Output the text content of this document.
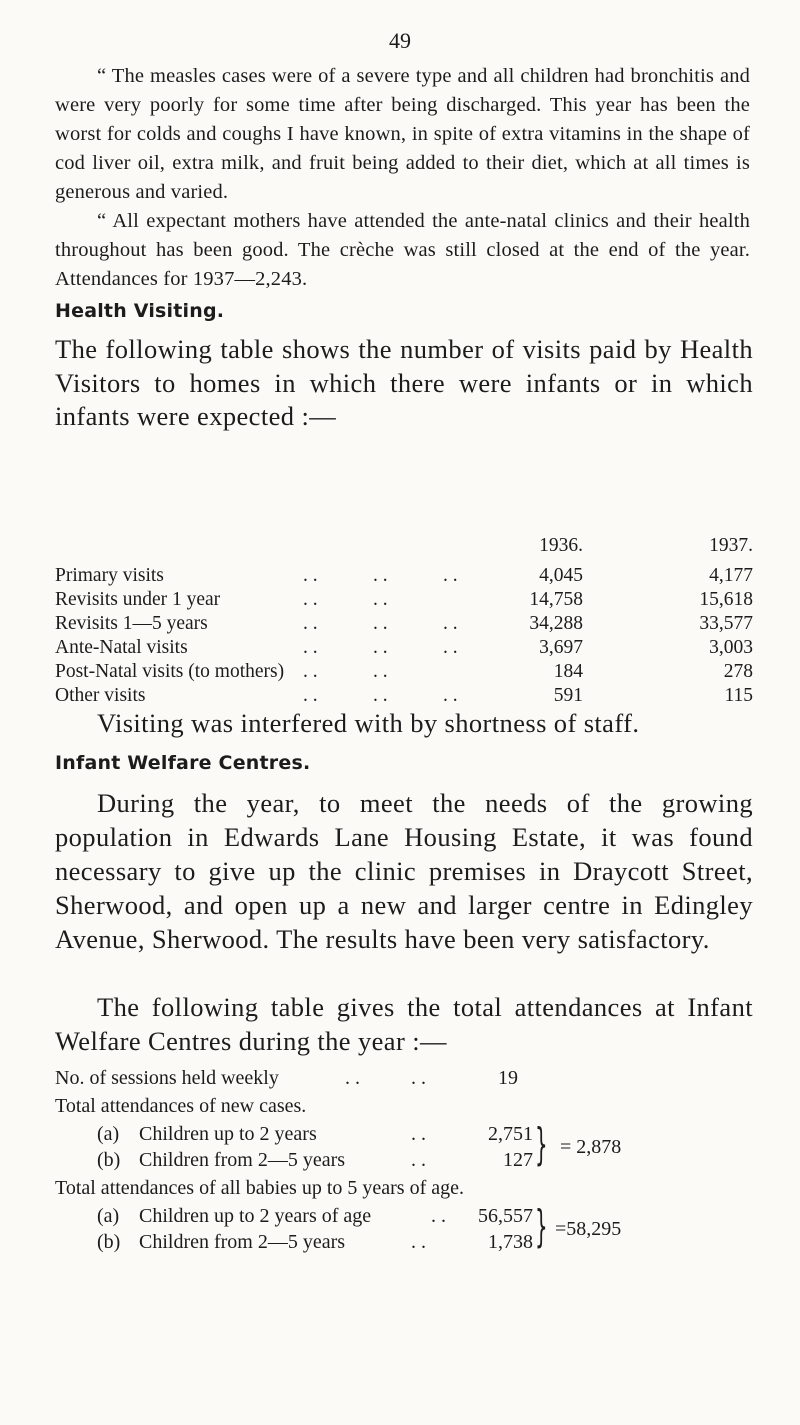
49

“ The measles cases were of a severe type and all children had bronchitis and were very poorly for some time after being discharged. This year has been the worst for colds and coughs I have known, in spite of extra vitamins in the shape of cod liver oil, extra milk, and fruit being added to their diet, which at all times is generous and varied.

“ All expectant mothers have attended the ante-natal clinics and their health throughout has been good. The crèche was still closed at the end of the year. Attendances for 1937—2,243.

Health Visiting.

The following table shows the number of visits paid by Health Visitors to homes in which there were infants or in which infants were expected :—

1936.	1937.
Primary visits	. .	. .	. .	4,045	4,177
Revisits under 1 year	. .	. .	14,758	15,618
Revisits 1—5 years	. .	. .	. .	34,288	33,577
Ante-Natal visits	. .	. .	. .	3,697	3,003
Post-Natal visits (to mothers) . .	. .	184	278
Other visits	. .	. .	. .	591	115

Visiting was interfered with by shortness of staff.

Infant Welfare Centres.

During the year, to meet the needs of the growing population in Edwards Lane Housing Estate, it was found necessary to give up the clinic premises in Draycott Street, Sherwood, and open up a new and larger centre in Edingley Avenue, Sherwood. The results have been very satisfactory.

The following table gives the total attendances at Infant Welfare Centres during the year :—

No. of sessions held weekly	. .	. .	19
Total attendances of new cases.
(a) Children up to 2 years	. .	2,751
(b) Children from 2—5 years	. .	127 } = 2,878
Total attendances of all babies up to 5 years of age.
(a) Children up to 2 years of age	. .	56,557
(b) Children from 2—5 years	. .	1,738 } =58,295
